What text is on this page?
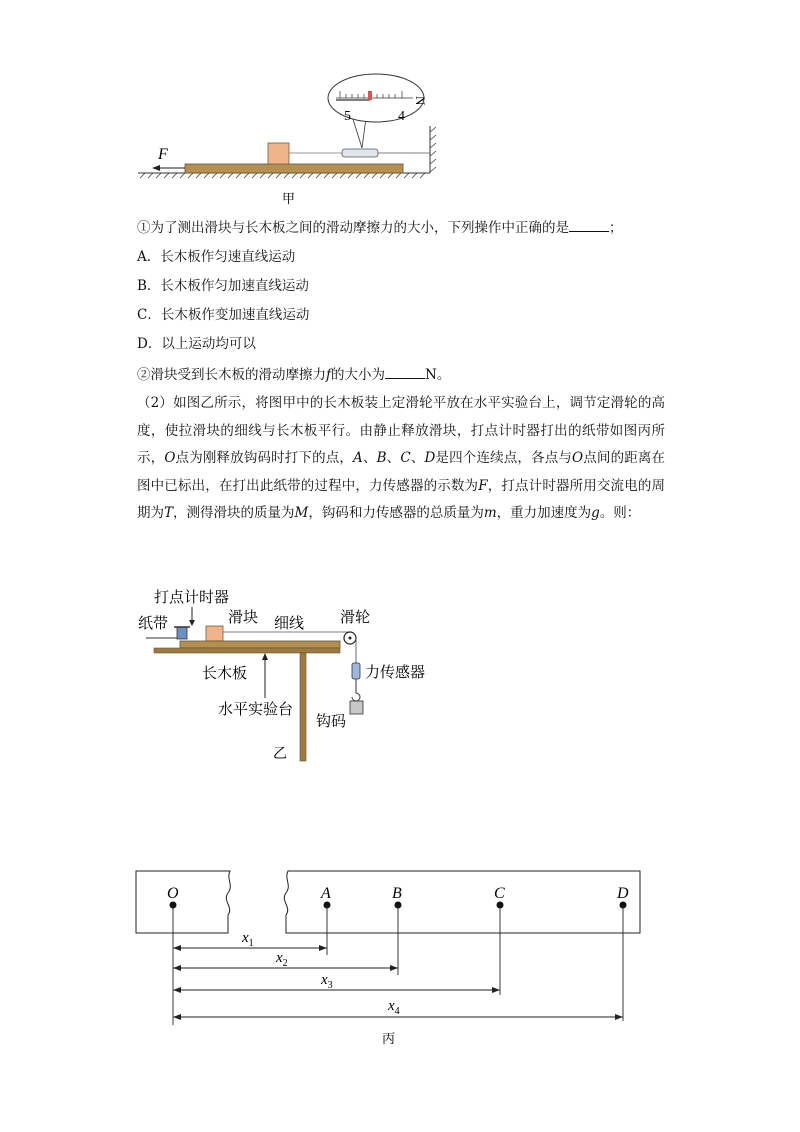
F
5	4
N
甲
①为了测出滑块与长木板之间的滑动摩擦力的大小，下列操作中正确的是	；
A．长木板作匀速直线运动
B．长木板作匀加速直线运动
C．长木板作变加速直线运动
D．以上运动均可以
②滑块受到长木板的滑动摩擦力f的大小为	N。
（2）如图乙所示，将图甲中的长木板装上定滑轮平放在水平实验台上，调节定滑轮的高度，使拉滑块的细线与长木板平行。由静止释放滑块，打点计时器打出的纸带如图丙所示，O点为刚释放钩码时打下的点，A、B、C、D是四个连续点，各点与O点间的距离在图中已标出，在打出此纸带的过程中，力传感器的示数为F，打点计时器所用交流电的周期为T，测得滑块的质量为M，钩码和力传感器的总质量为m，重力加速度为g。则：
打点计时器
纸带	滑块 细线 滑轮
力传感器
钩码
长木板
水平实验台
乙
O	A	B	C	D
$x_1$
$x_2$
$x_3$
$x_4$
丙
